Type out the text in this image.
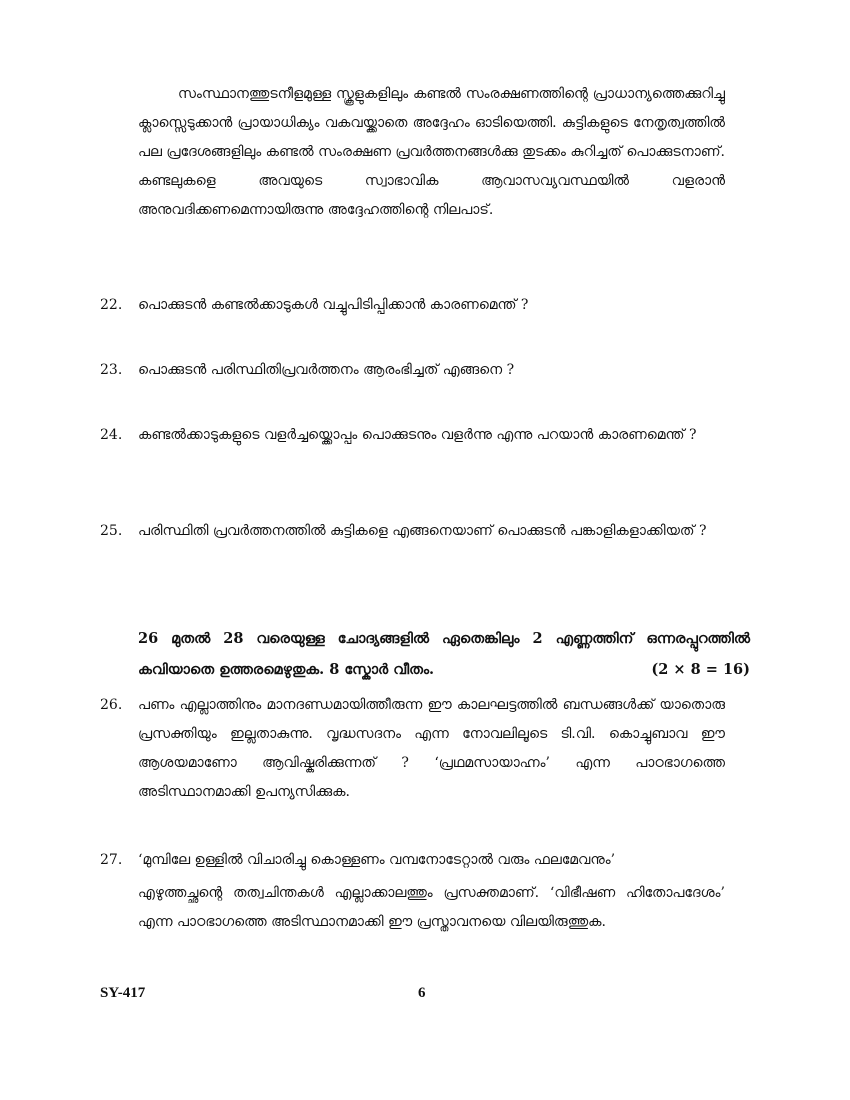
സംസ്ഥാനത്തുടനീളമുള്ള സ്കൂളുകളിലും കണ്ടൽ സംരക്ഷണത്തിന്റെ പ്രാധാന്യത്തെക്കുറിച്ചു ക്ലാസ്സെടുക്കാൻ പ്രായാധിക്യം വകവയ്ക്കാതെ അദ്ദേഹം ഓടിയെത്തി. കുട്ടികളുടെ നേതൃത്വത്തിൽ പല പ്രദേശങ്ങളിലും കണ്ടൽ സംരക്ഷണ പ്രവർത്തനങ്ങൾക്കു തുടക്കം കുറിച്ചത് പൊക്കുടനാണ്. കണ്ടലുകളെ അവയുടെ സ്വാഭാവിക ആവാസവ്യവസ്ഥയിൽ വളരാൻ അനുവദിക്കണമെന്നായിരുന്നു അദ്ദേഹത്തിന്റെ നിലപാട്.

22.	പൊക്കുടൻ കണ്ടൽക്കാടുകൾ വച്ചുപിടിപ്പിക്കാൻ കാരണമെന്ത് ?
23.	പൊക്കുടൻ പരിസ്ഥിതിപ്രവർത്തനം ആരംഭിച്ചത് എങ്ങനെ ?
24.	കണ്ടൽക്കാടുകളുടെ വളർച്ചയ്ക്കൊപ്പം പൊക്കുടനും വളർന്നു എന്നു പറയാൻ കാരണമെന്ത് ?
25.	പരിസ്ഥിതി പ്രവർത്തനത്തിൽ കുട്ടികളെ എങ്ങനെയാണ് പൊക്കുടൻ പങ്കാളികളാക്കിയത് ?
26 മുതൽ 28 വരെയുള്ള ചോദ്യങ്ങളിൽ ഏതെങ്കിലും 2 എണ്ണത്തിന് ഒന്നരപ്പുറത്തിൽ കവിയാതെ ഉത്തരമെഴുതുക. 8 സ്കോർ വീതം.	(2 × 8 = 16)
26.	പണം എല്ലാത്തിനും മാനദണ്ഡമായിത്തീരുന്ന ഈ കാലഘട്ടത്തിൽ ബന്ധങ്ങൾക്ക് യാതൊരു പ്രസക്തിയും ഇല്ലതാകുന്നു. വൃദ്ധസദനം എന്ന നോവലിലൂടെ ടി.വി. കൊച്ചുബാവ ഈ ആശയമാണോ ആവിഷ്കരിക്കുന്നത് ? ‘പ്രഥമസായാഹ്നം’ എന്ന പാഠഭാഗത്തെ അടിസ്ഥാനമാക്കി ഉപന്യസിക്കുക.
27.	‘മുമ്പിലേ ഉള്ളിൽ വിചാരിച്ചു കൊള്ളണം വമ്പനോടേറ്റാൽ വരും ഫലമേവനും’

എഴുത്തച്ഛന്റെ തത്വചിന്തകൾ എല്ലാക്കാലത്തും പ്രസക്തമാണ്. ‘വിഭീഷണ ഹിതോപദേശം’ എന്ന പാഠഭാഗത്തെ അടിസ്ഥാനമാക്കി ഈ പ്രസ്താവനയെ വിലയിരുത്തുക.

SY-417	6
